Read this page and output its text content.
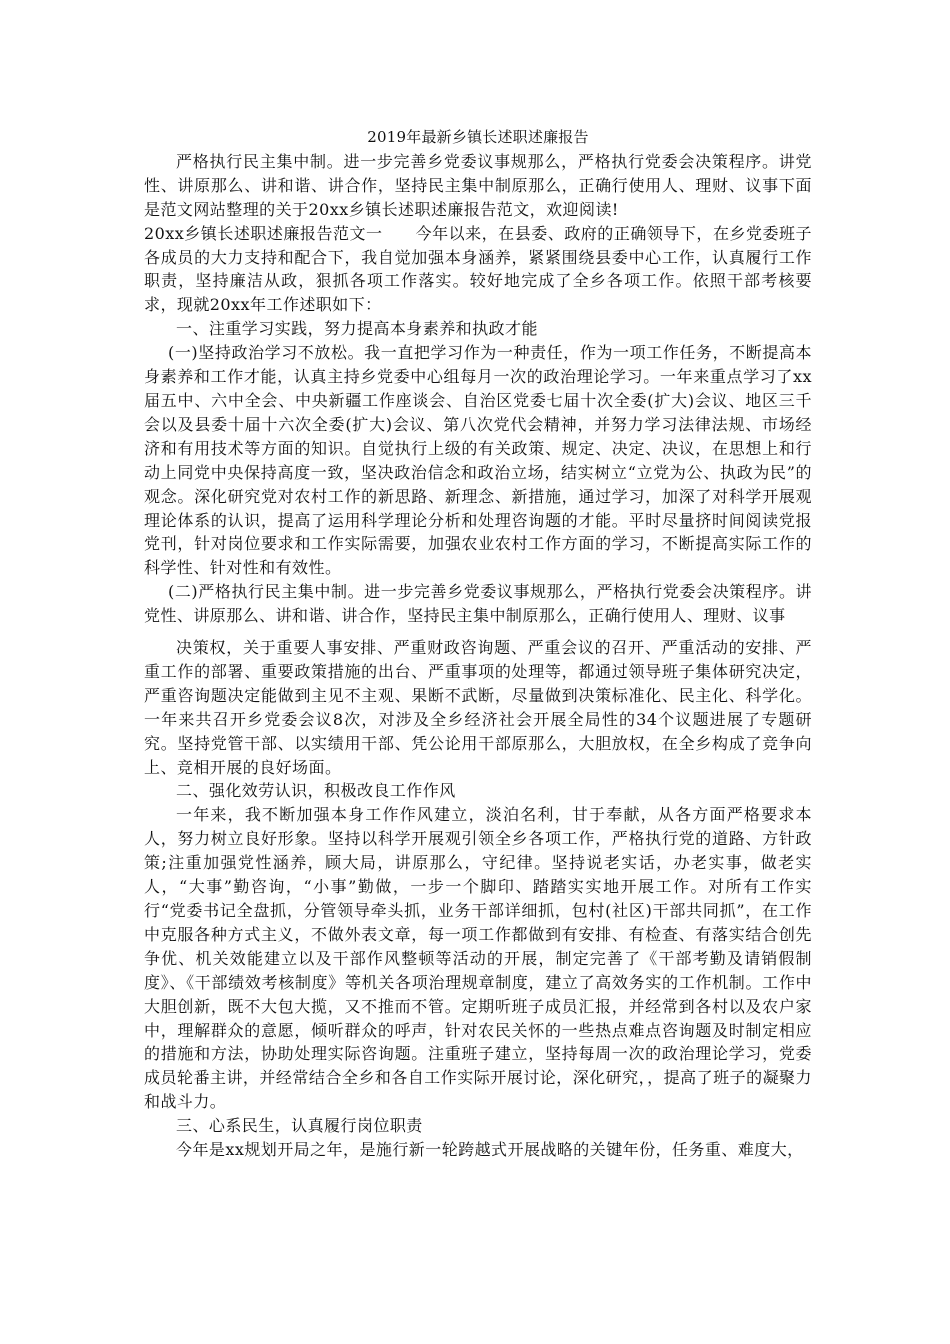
2019年最新乡镇长述职述廉报告

严格执行民主集中制。进一步完善乡党委议事规那么，严格执行党委会决策程序。讲党性、讲原那么、讲和谐、讲合作，坚持民主集中制原那么，正确行使用人、理财、议事下面是范文网站整理的关于20xx乡镇长述职述廉报告范文，欢迎阅读!

20xx乡镇长述职述廉报告范文一　　今年以来，在县委、政府的正确领导下，在乡党委班子各成员的大力支持和配合下，我自觉加强本身涵养，紧紧围绕县委中心工作，认真履行工作职责，坚持廉洁从政，狠抓各项工作落实。较好地完成了全乡各项工作。依照干部考核要求，现就20xx年工作述职如下：

一、注重学习实践，努力提高本身素养和执政才能

(一)坚持政治学习不放松。我一直把学习作为一种责任，作为一项工作任务，不断提高本身素养和工作才能，认真主持乡党委中心组每月一次的政治理论学习。一年来重点学习了xx届五中、六中全会、中央新疆工作座谈会、自治区党委七届十次全委(扩大)会议、地区三千会以及县委十届十六次全委(扩大)会议、第八次党代会精神，并努力学习法律法规、市场经济和有用技术等方面的知识。自觉执行上级的有关政策、规定、决定、决议，在思想上和行动上同党中央保持高度一致，坚决政治信念和政治立场，结实树立“立党为公、执政为民”的观念。深化研究党对农村工作的新思路、新理念、新措施，通过学习，加深了对科学开展观理论体系的认识，提高了运用科学理论分析和处理咨询题的才能。平时尽量挤时间阅读党报党刊，针对岗位要求和工作实际需要，加强农业农村工作方面的学习，不断提高实际工作的科学性、针对性和有效性。

(二)严格执行民主集中制。进一步完善乡党委议事规那么，严格执行党委会决策程序。讲党性、讲原那么、讲和谐、讲合作，坚持民主集中制原那么，正确行使用人、理财、议事

决策权，关于重要人事安排、严重财政咨询题、严重会议的召开、严重活动的安排、严重工作的部署、重要政策措施的出台、严重事项的处理等，都通过领导班子集体研究决定，严重咨询题决定能做到主见不主观、果断不武断，尽量做到决策标准化、民主化、科学化。一年来共召开乡党委会议8次，对涉及全乡经济社会开展全局性的34个议题进展了专题研究。坚持党管干部、以实绩用干部、凭公论用干部原那么，大胆放权，在全乡构成了竞争向上、竞相开展的良好场面。

二、强化效劳认识，积极改良工作作风

一年来，我不断加强本身工作作风建立，淡泊名利，甘于奉献，从各方面严格要求本人，努力树立良好形象。坚持以科学开展观引领全乡各项工作，严格执行党的道路、方针政策;注重加强党性涵养，顾大局，讲原那么，守纪律。坚持说老实话，办老实事，做老实人，“大事”勤咨询，“小事”勤做，一步一个脚印、踏踏实实地开展工作。对所有工作实行“党委书记全盘抓，分管领导牵头抓，业务干部详细抓，包村(社区)干部共同抓”，在工作中克服各种方式主义，不做外表文章，每一项工作都做到有安排、有检查、有落实结合创先争优、机关效能建立以及干部作风整顿等活动的开展，制定完善了《干部考勤及请销假制度》、《干部绩效考核制度》等机关各项治理规章制度，建立了高效务实的工作机制。工作中大胆创新，既不大包大揽，又不推而不管。定期听班子成员汇报，并经常到各村以及农户家中，理解群众的意愿，倾听群众的呼声，针对农民关怀的一些热点难点咨询题及时制定相应的措施和方法，协助处理实际咨询题。注重班子建立，坚持每周一次的政治理论学习，党委成员轮番主讲，并经常结合全乡和各自工作实际开展讨论，深化研究，，提高了班子的凝聚力和战斗力。

三、心系民生，认真履行岗位职责

今年是xx规划开局之年，是施行新一轮跨越式开展战略的关键年份，任务重、难度大，
